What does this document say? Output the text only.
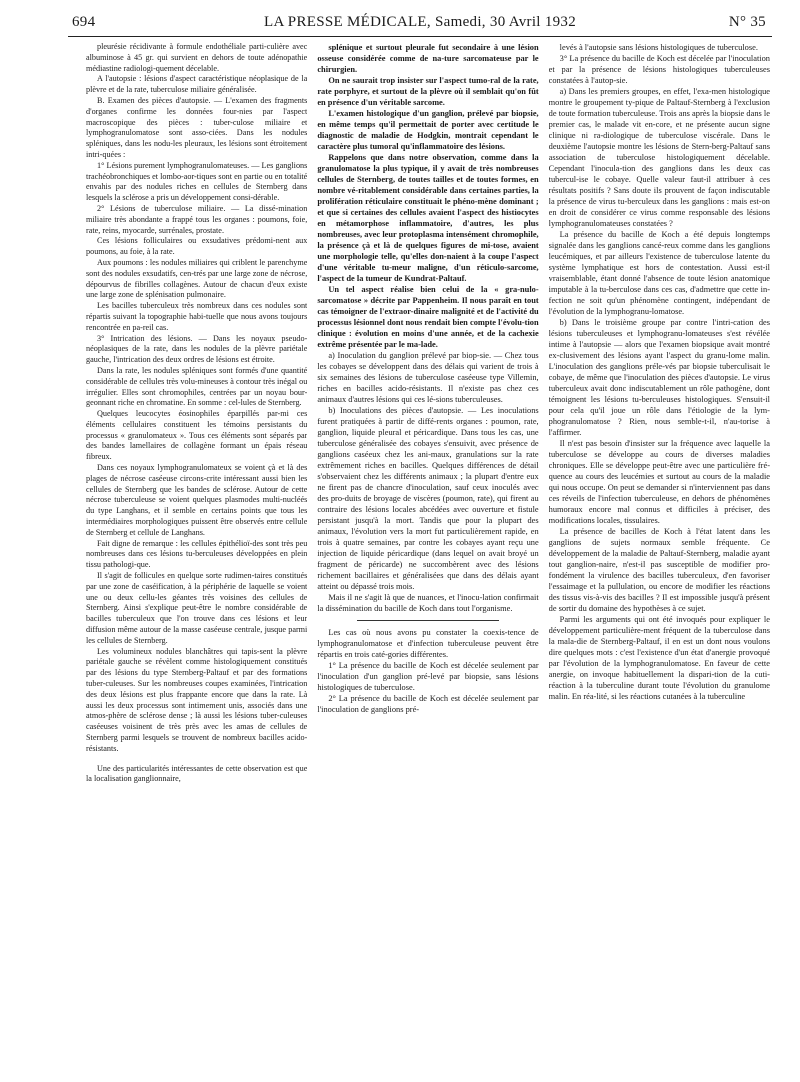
694	LA PRESSE MÉDICALE, Samedi, 30 Avril 1932	N° 35

pleurésie récidivante à formule endothéliale parti-culière avec albuminose à 45 gr. qui survient en dehors de toute adénopathie médiastine radiologi-quement décelable.

A l'autopsie : lésions d'aspect caractéristique néoplasique de la plèvre et de la rate, tuberculose miliaire généralisée.

B. Examen des pièces d'autopsie. — L'examen des fragments d'organes confirme les données four-nies par l'aspect macroscopique des pièces : tuber-culose miliaire et lymphogranulomatose sont asso-ciées. Dans les nodules spléniques, dans les nodu-les pleuraux, les lésions sont étroitement intri-quées :

1° Lésions purement lymphogranulomateuses. — Les ganglions trachéobronchiques et lombo-aor-tiques sont en partie ou en totalité envahis par des nodules riches en cellules de Sternberg dans lesquels la sclérose a pris un développement consi-dérable.

2° Lésions de tuberculose miliaire. — La dissé-mination miliaire très abondante a frappé tous les organes : poumons, foie, rate, reins, myocarde, surrénales, prostate.

Ces lésions folliculaires ou exsudatives prédomi-nent aux poumons, au foie, à la rate.

Aux poumons : les nodules miliaires qui criblent le parenchyme sont des nodules exsudatifs, cen-trés par une large zone de nécrose, dépourvus de fibrilles collagènes. Autour de chacun d'eux existe une large zone de splénisation pulmonaire.

Les bacilles tuberculeux très nombreux dans ces nodules sont répartis suivant la topographie habi-tuelle que nous avons toujours rencontrée en pa-reil cas.

3° Intrication des lésions. — Dans les noyaux pseudo-néoplasiques de la rate, dans les nodules de la plèvre pariétale gauche, l'intrication des deux ordres de lésions est étroite.

Dans la rate, les nodules spléniques sont formés d'une quantité considérable de cellules très volu-mineuses à contour très inégal ou irrégulier. Elles sont chromophiles, centrées par un noyau bour-geonnant riche en chromatine. En somme : cel-lules de Sternberg.

Quelques leucocytes éosinophiles éparpillés par-mi ces éléments cellulaires constituent les témoins persistants du processus « granulomateux ». Tous ces éléments sont séparés par des bandes lamellaires de collagène formant un épais réseau fibreux.

Dans ces noyaux lymphogranulomateux se voient çà et là des plages de nécrose caséeuse circons-crite intéressant aussi bien les cellules de Sternberg que les bandes de sclérose. Autour de cette nécrose tuberculeuse se voient quelques plasmodes multi-nucléés du type Langhans, et il semble en certains points que tous les intermédiaires morphologiques puissent être observés entre cellule de Sternberg et cellule de Langhans.

Fait digne de remarque : les cellules épithélioï-des sont très peu nombreuses dans ces lésions tu-berculeuses développées en plein tissu pathologi-que.

Il s'agit de follicules en quelque sorte rudimen-taires constitués par une zone de caséification, à la périphérie de laquelle se voient une ou deux cellu-les géantes très voisines des cellules de Sternberg. Ainsi s'explique peut-être le nombre considérable de bacilles tuberculeux que l'on trouve dans ces lésions et leur diffusion même autour de la masse caséeuse centrale, jusque parmi les cellules de Sternberg.

Les volumineux nodules blanchâtres qui tapis-sent la plèvre pariétale gauche se révèlent comme histologiquement constitués par des lésions du type Sternberg-Paltauf et par des formations tuber-culeuses. Sur les nombreuses coupes examinées, l'intrication des deux lésions est plus frappante encore que dans la rate. Là aussi les deux processus sont intimement unis, associés dans une atmos-phère de sclérose dense ; là aussi les lésions tuber-culeuses caséeuses voisinent de très près avec les amas de cellules de Sternberg parmi lesquels se trouvent de nombreux bacilles acido-résistants.

Une des particularités intéressantes de cette observation est que la localisation ganglionnaire,

splénique et surtout pleurale fut secondaire à une lésion osseuse considérée comme de na-ture sarcomateuse par le chirurgien.

On ne saurait trop insister sur l'aspect tumo-ral de la rate, rate porphyre, et surtout de la plèvre où il semblait qu'on fût en présence d'un véritable sarcome.

L'examen histologique d'un ganglion, prélevé par biopsie, en même temps qu'il permettait de porter avec certitude le diagnostic de maladie de Hodgkin, montrait cependant le caractère plus tumoral qu'inflammatoire des lésions.

Rappelons que dans notre observation, comme dans la granulomatose la plus typique, il y avait de très nombreuses cellules de Sternberg, de toutes tailles et de toutes formes, en nombre vé-ritablement considérable dans certaines parties, la prolifération réticulaire constituait le phéno-mène dominant ; et que si certaines des cellules avaient l'aspect des histiocytes en métamorphose inflammatoire, d'autres, les plus nombreuses, avec leur protoplasma intensément chromophile, la présence çà et là de quelques figures de mi-tose, avaient une morphologie telle, qu'elles don-naient à la coupe l'aspect d'une véritable tu-meur maligne, d'un réticulo-sarcome, l'aspect de la tumeur de Kundrat-Paltauf.

Un tel aspect réalise bien celui de la « gra-nulo-sarcomatose » décrite par Pappenheim. Il nous paraît en tout cas témoigner de l'extraor-dinaire malignité et de l'activité du processus lésionnel dont nous rendait bien compte l'évolu-tion clinique : évolution en moins d'une année, et de la cachexie extrême présentée par le ma-lade.

a) Inoculation du ganglion prélevé par biop-sie. — Chez tous les cobayes se développent dans des délais qui varient de trois à six semaines des lésions de tuberculose caséeuse type Villemin, riches en bacilles acido-résistants. Il n'existe pas chez ces animaux d'autres lésions qui ces lé-sions tuberculeuses.

b) Inoculations des pièces d'autopsie. — Les inoculations furent pratiquées à partir de diffé-rents organes : poumon, rate, ganglion, liquide pleural et péricardique. Dans tous les cas, une tuberculose généralisée des cobayes s'ensuivit, avec présence de ganglions caséeux chez les ani-maux, granulations sur la rate extrêmement riches en bacilles. Quelques différences de détail s'observaient chez les différents animaux ; la plupart d'entre eux ne firent pas de chancre d'inoculation, sauf ceux inoculés avec des pro-duits de broyage de viscères (poumon, rate), qui firent au contraire des lésions locales abcédées avec ouverture et fistule persistant jusqu'à la mort. Tandis que pour la plupart des animaux, l'évolution vers la mort fut particulièrement rapide, en trois à quatre semaines, par contre les cobayes ayant reçu une injection de liquide péricardique (dans lequel on avait broyé un fragment de péricarde) ne succombèrent avec des lésions richement bacillaires et généralisées que dans des délais ayant atteint ou dépassé trois mois.

Mais il ne s'agit là que de nuances, et l'inocu-lation confirmait la dissémination du bacille de Koch dans tout l'organisme.

Les cas où nous avons pu constater la coexis-tence de lymphogranulomatose et d'infection tuberculeuse peuvent être répartis en trois caté-gories différentes.

1° La présence du bacille de Koch est décelée seulement par l'inoculation d'un ganglion pré-levé par biopsie, sans lésions histologiques de tuberculose.

2° La présence du bacille de Koch est décelée seulement par l'inoculation de ganglions pré-

levés à l'autopsie sans lésions histologiques de tuberculose.

3° La présence du bacille de Koch est décelée par l'inoculation et par la présence de lésions histologiques tuberculeuses constatées à l'autop-sie.

a) Dans les premiers groupes, en effet, l'exa-men histologique montre le groupement ty-pique de Paltauf-Sternberg à l'exclusion de toute formation tuberculeuse. Trois ans après la biopsie dans le premier cas, le malade vit en-core, et ne présente aucun signe clinique ni ra-diologique de tuberculose viscérale. Dans le deuxième l'autopsie montre les lésions de Stern-berg-Paltauf sans association de tuberculose histologiquement décelable. Cependant l'inocula-tion des ganglions dans les deux cas tubercul-ise le cobaye. Quelle valeur faut-il attribuer à ces résultats positifs ? Sans doute ils prouvent de façon indiscutable la présence de virus tu-berculeux dans les ganglions : mais est-on en droit de considérer ce virus comme responsable des lésions lymphogranulomateuses constatées ?

La présence du bacille de Koch a été depuis longtemps signalée dans les ganglions cancé-reux comme dans les ganglions leucémiques, et par ailleurs l'existence de tuberculose latente du système lymphatique est hors de contestation. Aussi est-il vraisemblable, étant donné l'absence de toute lésion anatomique imputable à la tu-berculose dans ces cas, d'admettre que cette in-fection ne soit qu'un phénomène contingent, indépendant de l'évolution de la lymphogranu-lomatose.

b) Dans le troisième groupe par contre l'intri-cation des lésions tuberculeuses et lymphogranu-lomateuses s'est révélée intime à l'autopsie — alors que l'examen biopsique avait montré ex-clusivement des lésions ayant l'aspect du granu-lome malin. L'inoculation des ganglions préle-vés par biopsie tuberculisait le cobaye, de même que l'inoculation des pièces d'autopsie. Le virus tuberculeux avait donc indiscutablement un rôle pathogène, dont témoignent les lésions tu-berculeuses histologiques. S'ensuit-il pour cela qu'il joue un rôle dans l'étiologie de la lym-phogranulomatose ? Rien, nous semble-t-il, n'au-torise à l'affirmer.

Il n'est pas besoin d'insister sur la fréquence avec laquelle la tuberculose se développe au cours de diverses maladies chroniques. Elle se développe peut-être avec une particulière fré-quence au cours des leucémies et surtout au cours de la maladie qui nous occupe. On peut se demander si n'interviennent pas dans ces réveils de l'infection tuberculeuse, en dehors de phénomènes humoraux encore mal connus et difficiles à préciser, des modifications locales, tissulaires.

La présence de bacilles de Koch à l'état latent dans les ganglions de sujets normaux semble fréquente. Ce développement de la maladie de Paltauf-Sternberg, maladie ayant tout ganglion-naire, n'est-il pas susceptible de modifier pro-fondément la virulence des bacilles tuberculeux, d'en favoriser l'essaimage et la pullulation, ou encore de modifier les réactions des tissus vis-à-vis des bacilles ? Il est impossible jusqu'à présent de sortir du domaine des hypothèses à ce sujet.

Parmi les arguments qui ont été invoqués pour expliquer le développement particulière-ment fréquent de la tuberculose dans la mala-die de Sternberg-Paltauf, il en est un dont nous voulons dire quelques mots : c'est l'existence d'un état d'anergie provoqué par l'évolution de la lymphogranulomatose. En faveur de cette anergie, on invoque habituellement la dispari-tion de la cuti-réaction à la tuberculine durant toute l'évolution du granulome malin. En réa-lité, si les réactions cutanées à la tuberculine
